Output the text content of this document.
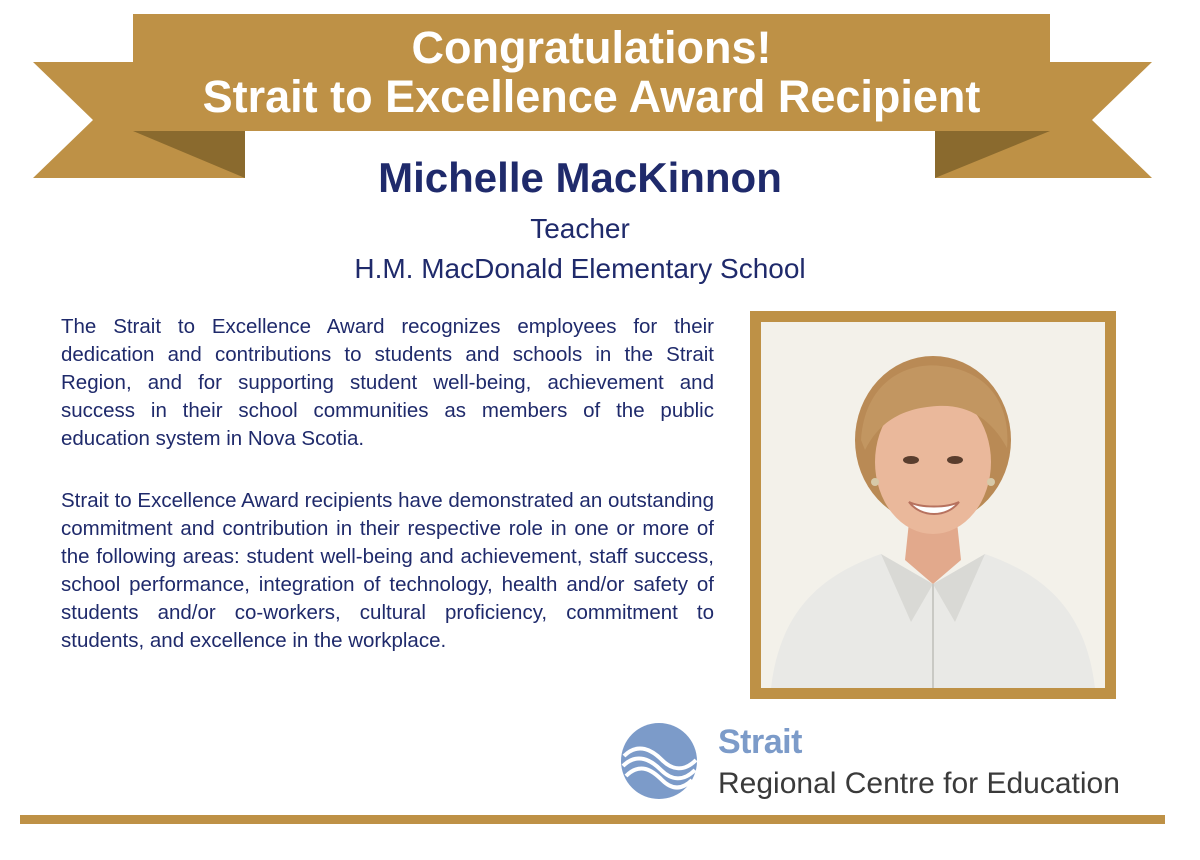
Congratulations!
Strait to Excellence Award Recipient
Michelle MacKinnon
Teacher
H.M. MacDonald Elementary School

The Strait to Excellence Award recognizes employees for their dedication and contributions to students and schools in the Strait Region, and for supporting student well-being, achievement and success in their school communities as members of the public education system in Nova Scotia.

Strait to Excellence Award recipients have demonstrated an outstanding commitment and contribution in their respective role in one or more of the following areas: student well-being and achievement, staff success, school performance, integration of technology, health and/or safety of students and/or co-workers, cultural proficiency, commitment to students, and excellence in the workplace.

Strait
Regional Centre for Education
